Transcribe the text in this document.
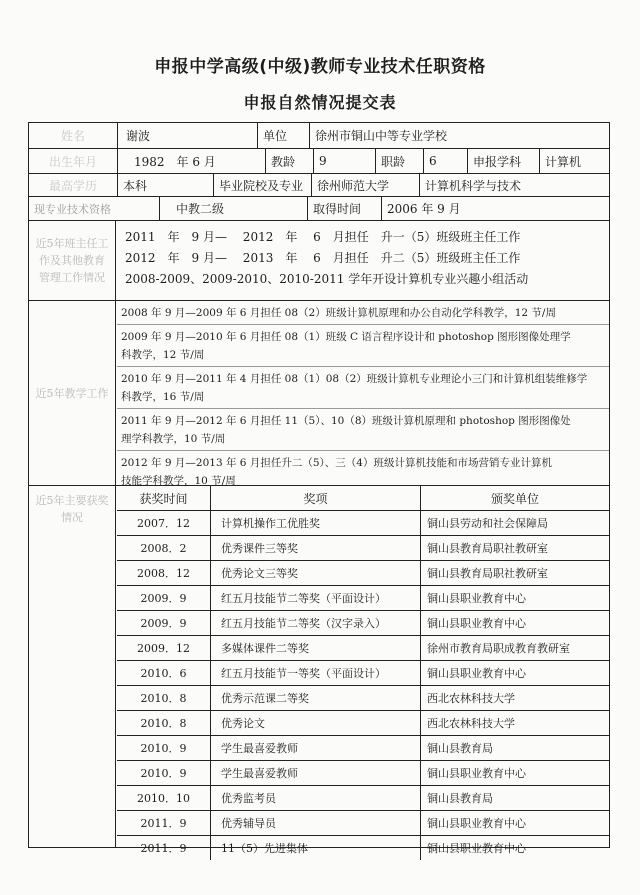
申报中学高级(中级)教师专业技术任职资格
申报自然情况提交表
姓名	谢波	单位	徐州市铜山中等专业学校
出生年月	1982　年 6 月	教龄	9	职龄	6	申报学科	计算机
最高学历	本科	毕业院校及专业	徐州师范大学	计算机科学与技术
现专业技术资格	中教二级	取得时间	2006 年 9 月
近5年班主任工作及其他教育管理工作情况
2011　年　9 月—　 2012　年　 6　月担任　升一（5）班级班主任工作
2012　年　9 月—　 2013　年　 6　月担任　升二（5）班级班主任工作
2008-2009、2009-2010、2010-2011 学年开设计算机专业兴趣小组活动
近5年教学工作
2008 年 9 月—2009 年 6 月担任 08（2）班级计算机原理和办公自动化学科教学，12 节/周
2009 年 9 月—2010 年 6 月担任 08（1）班级 C 语言程序设计和 photoshop 图形图像处理学
科教学，12 节/周
2010 年 9 月—2011 年 4 月担任 08（1）08（2）班级计算机专业理论小三门和计算机组装维修学
科教学，16 节/周
2011 年 9 月—2012 年 6 月担任 11（5）、10（8）班级计算机原理和 photoshop 图形图像处
理学科教学，10 节/周
2012 年 9 月—2013 年 6 月担任升二（5）、三（4）班级计算机技能和市场营销专业计算机
技能学科教学，10 节/周
近5年主要获奖情况
获奖时间	奖项	颁奖单位
2007．12	计算机操作工优胜奖	铜山县劳动和社会保障局
2008．2	优秀课件三等奖	铜山县教育局职社教研室
2008．12	优秀论文三等奖	铜山县教育局职社教研室
2009．9	红五月技能节二等奖（平面设计）	铜山县职业教育中心
2009．9	红五月技能节二等奖（汉字录入）	铜山县职业教育中心
2009．12	多媒体课件二等奖	徐州市教育局职成教育教研室
2010．6	红五月技能节一等奖（平面设计）	铜山县职业教育中心
2010．8	优秀示范课二等奖	西北农林科技大学
2010．8	优秀论文	西北农林科技大学
2010．9	学生最喜爱教师	铜山县教育局
2010．9	学生最喜爱教师	铜山县职业教育中心
2010．10	优秀监考员	铜山县教育局
2011．9	优秀辅导员	铜山县职业教育中心
2011．9	11（5）先进集体	铜山县职业教育中心
